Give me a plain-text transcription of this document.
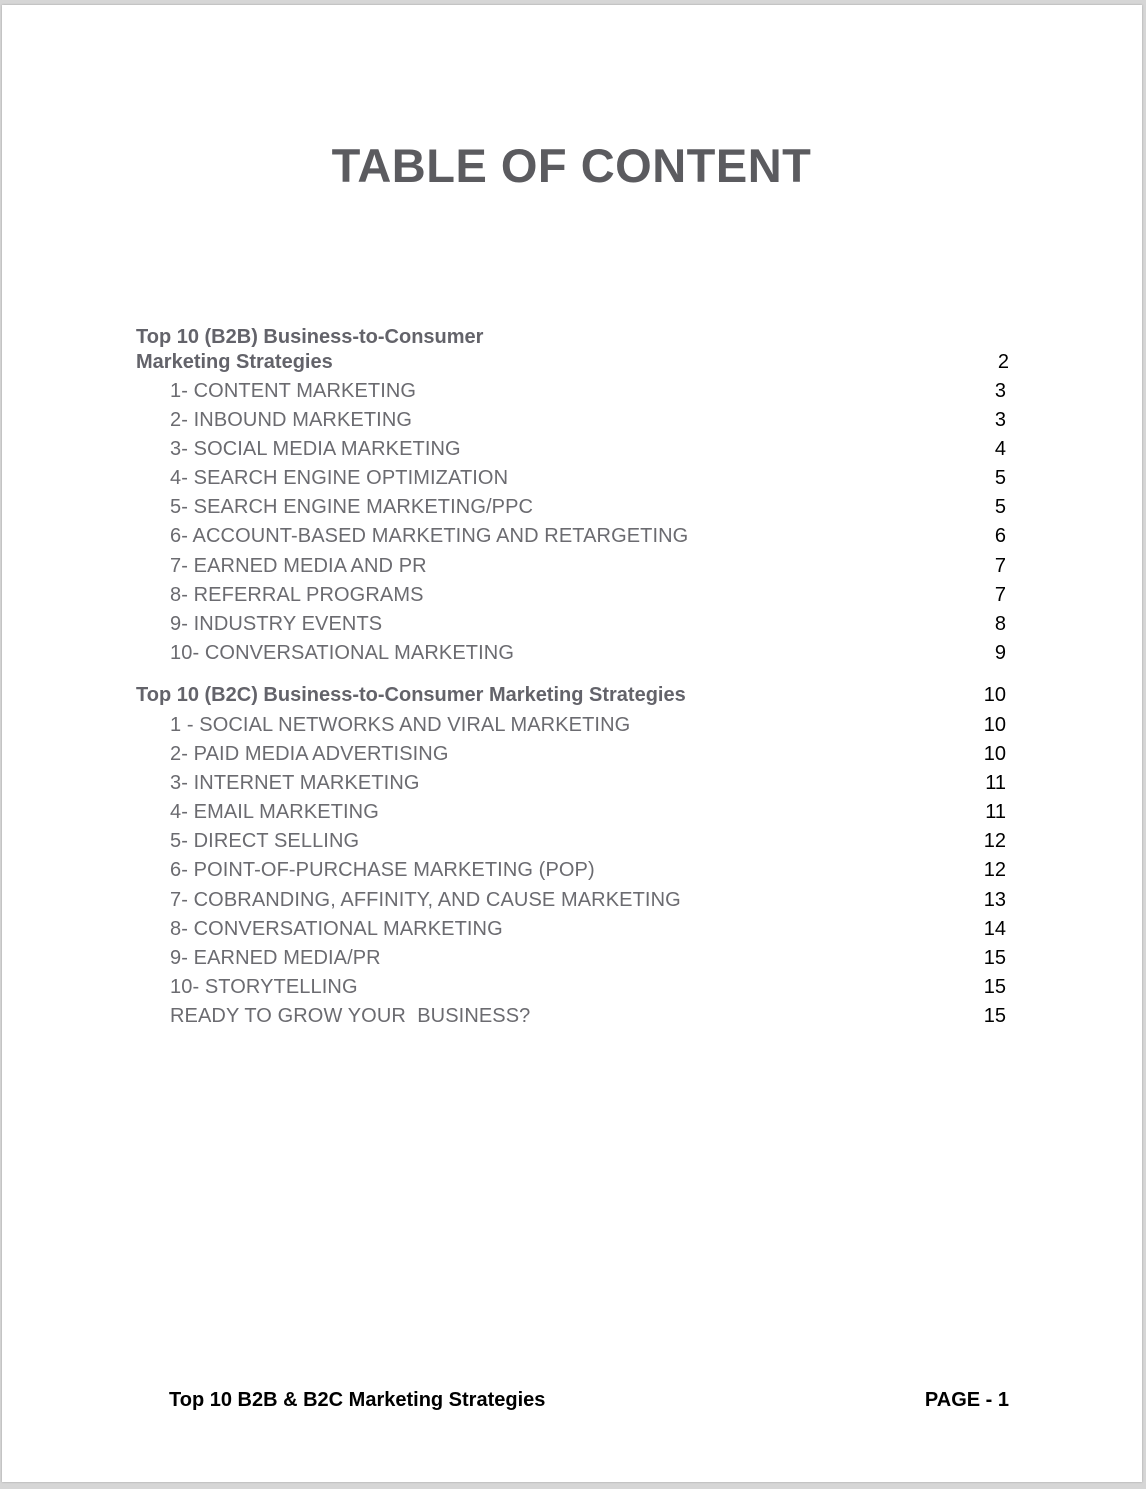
TABLE OF CONTENT
Top 10 (B2B) Business-to-Consumer
Marketing Strategies	2
1- CONTENT MARKETING	3
2- INBOUND MARKETING	3
3- SOCIAL MEDIA MARKETING	4
4- SEARCH ENGINE OPTIMIZATION	5
5- SEARCH ENGINE MARKETING/PPC	5
6- ACCOUNT-BASED MARKETING AND RETARGETING	6
7- EARNED MEDIA AND PR	7
8- REFERRAL PROGRAMS	7
9- INDUSTRY EVENTS	8
10- CONVERSATIONAL MARKETING	9
Top 10 (B2C) Business-to-Consumer Marketing Strategies	10
1 - SOCIAL NETWORKS AND VIRAL MARKETING	10
2- PAID MEDIA ADVERTISING	10
3- INTERNET MARKETING	11
4- EMAIL MARKETING	11
5- DIRECT SELLING	12
6- POINT-OF-PURCHASE MARKETING (POP)	12
7- COBRANDING, AFFINITY, AND CAUSE MARKETING	13
8- CONVERSATIONAL MARKETING	14
9- EARNED MEDIA/PR	15
10- STORYTELLING	15
READY TO GROW YOUR  BUSINESS?	15
Top 10 B2B & B2C Marketing Strategies	PAGE - 1
